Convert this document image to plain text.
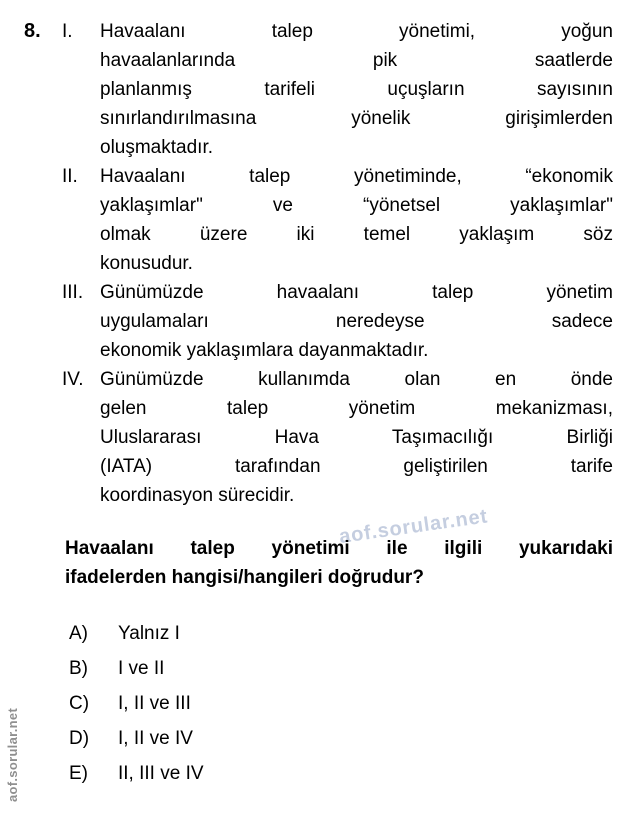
aof.sorular.net
aof.sorular.net
8.	I.	Havaalanı talep yönetimi, yoğun
havaalanlarında pik saatlerde
planlanmış tarifeli uçuşların sayısının
sınırlandırılmasına yönelik girişimlerden
oluşmaktadır.
II.	Havaalanı talep yönetiminde, “ekonomik
yaklaşımlar" ve “yönetsel yaklaşımlar"
olmak üzere iki temel yaklaşım söz
konusudur.
III. Günümüzde havaalanı talep yönetim
uygulamaları neredeyse sadece
ekonomik yaklaşımlara dayanmaktadır.
IV. Günümüzde kullanımda olan en önde
gelen talep yönetim mekanizması,
Uluslararası Hava Taşımacılığı Birliği
(IATA) tarafından geliştirilen tarife
koordinasyon sürecidir.
Havaalanı talep yönetimi ile ilgili yukarıdaki
ifadelerden hangisi/hangileri doğrudur?
A)	Yalnız I
B)	I ve II
C)	I, II ve III
D)	I, II ve IV
E)	II, III ve IV
